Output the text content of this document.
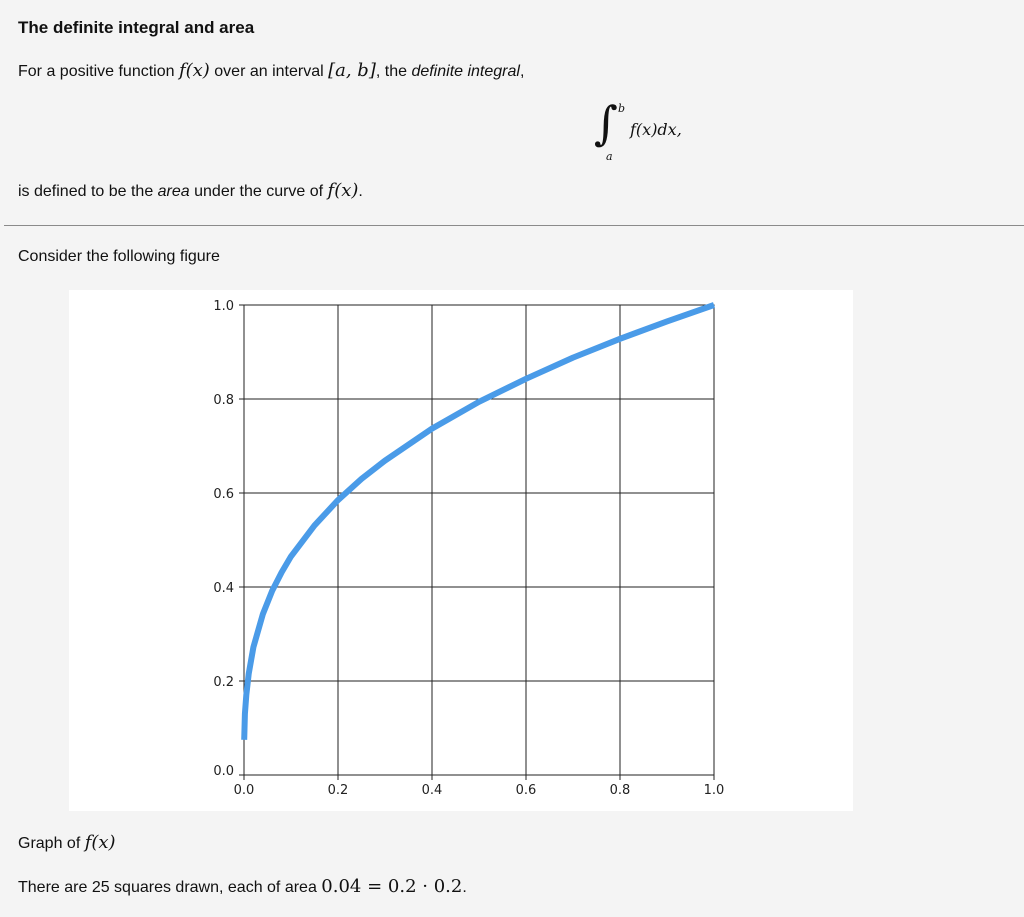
The definite integral and area
For a positive function f(x) over an interval [a, b], the definite integral,
∫ b
a
f(x)dx,
is defined to be the area under the curve of f(x).
Consider the following figure
0.0	0.2	0.4	0.6	0.8	1.0
0.0
0.2
0.4
0.6
0.8
1.0
Graph of f(x)
There are 25 squares drawn, each of area 0.04 = 0.2 · 0.2.
